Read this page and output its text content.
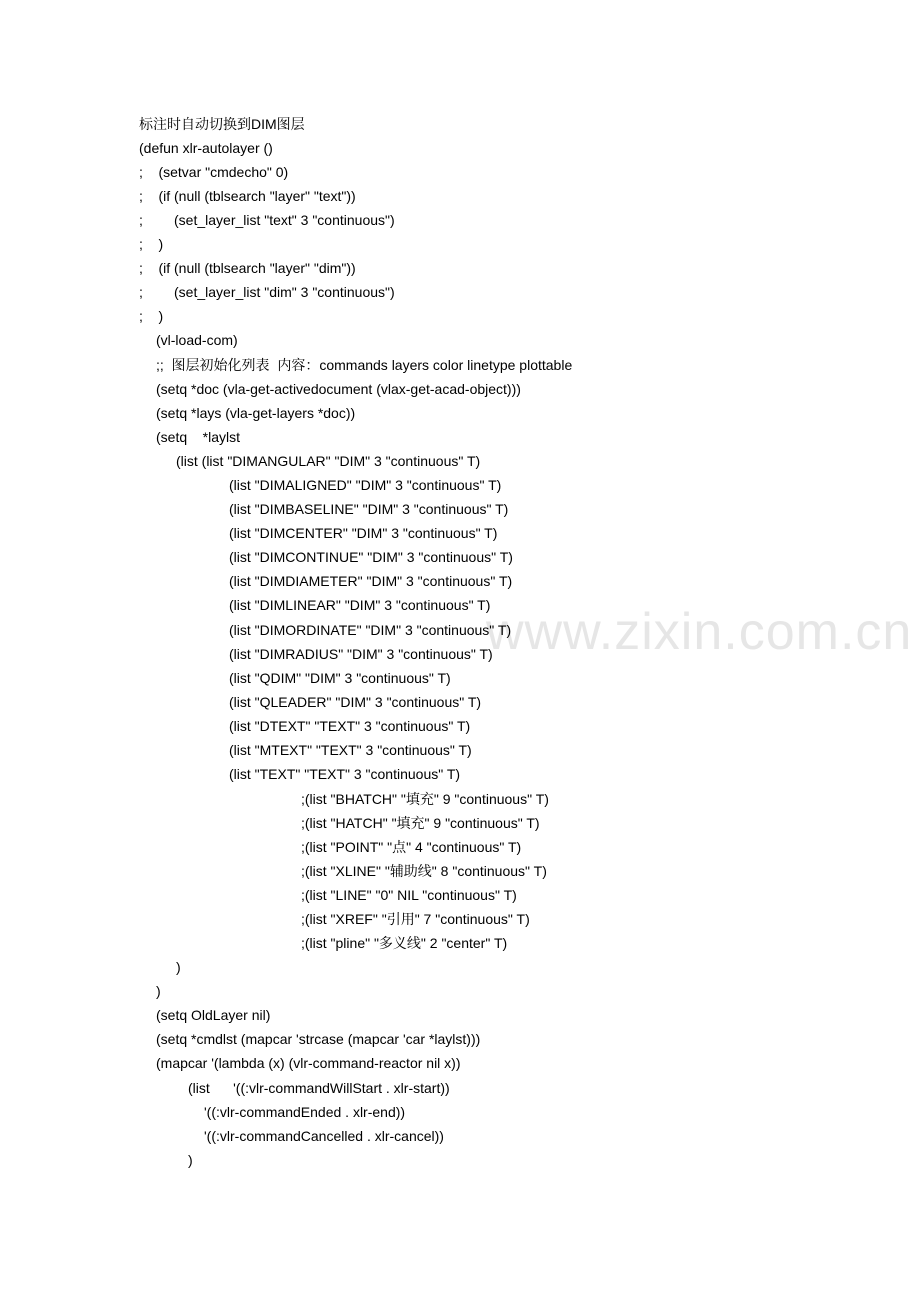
www.zixin.com.cn
标注时自动切换到DIM图层
(defun xlr-autolayer ()
;    (setvar "cmdecho" 0)
;    (if (null (tblsearch "layer" "text"))
;        (set_layer_list "text" 3 "continuous")
;    )
;    (if (null (tblsearch "layer" "dim"))
;        (set_layer_list "dim" 3 "continuous")
;    )
(vl-load-com)
;;  图层初始化列表  内容：commands layers color linetype plottable
(setq *doc (vla-get-activedocument (vlax-get-acad-object)))
(setq *lays (vla-get-layers *doc))
(setq    *laylst
(list (list "DIMANGULAR" "DIM" 3 "continuous" T)
(list "DIMALIGNED" "DIM" 3 "continuous" T)
(list "DIMBASELINE" "DIM" 3 "continuous" T)
(list "DIMCENTER" "DIM" 3 "continuous" T)
(list "DIMCONTINUE" "DIM" 3 "continuous" T)
(list "DIMDIAMETER" "DIM" 3 "continuous" T)
(list "DIMLINEAR" "DIM" 3 "continuous" T)
(list "DIMORDINATE" "DIM" 3 "continuous" T)
(list "DIMRADIUS" "DIM" 3 "continuous" T)
(list "QDIM" "DIM" 3 "continuous" T)
(list "QLEADER" "DIM" 3 "continuous" T)
(list "DTEXT" "TEXT" 3 "continuous" T)
(list "MTEXT" "TEXT" 3 "continuous" T)
(list "TEXT" "TEXT" 3 "continuous" T)
;(list "BHATCH" "填充" 9 "continuous" T)
;(list "HATCH" "填充" 9 "continuous" T)
;(list "POINT" "点" 4 "continuous" T)
;(list "XLINE" "辅助线" 8 "continuous" T)
;(list "LINE" "0" NIL "continuous" T)
;(list "XREF" "引用" 7 "continuous" T)
;(list "pline" "多义线" 2 "center" T)
)
)
(setq OldLayer nil)
(setq *cmdlst (mapcar 'strcase (mapcar 'car *laylst)))
(mapcar '(lambda (x) (vlr-command-reactor nil x))
(list      '((:vlr-commandWillStart . xlr-start))
'((:vlr-commandEnded . xlr-end))
'((:vlr-commandCancelled . xlr-cancel))
)
